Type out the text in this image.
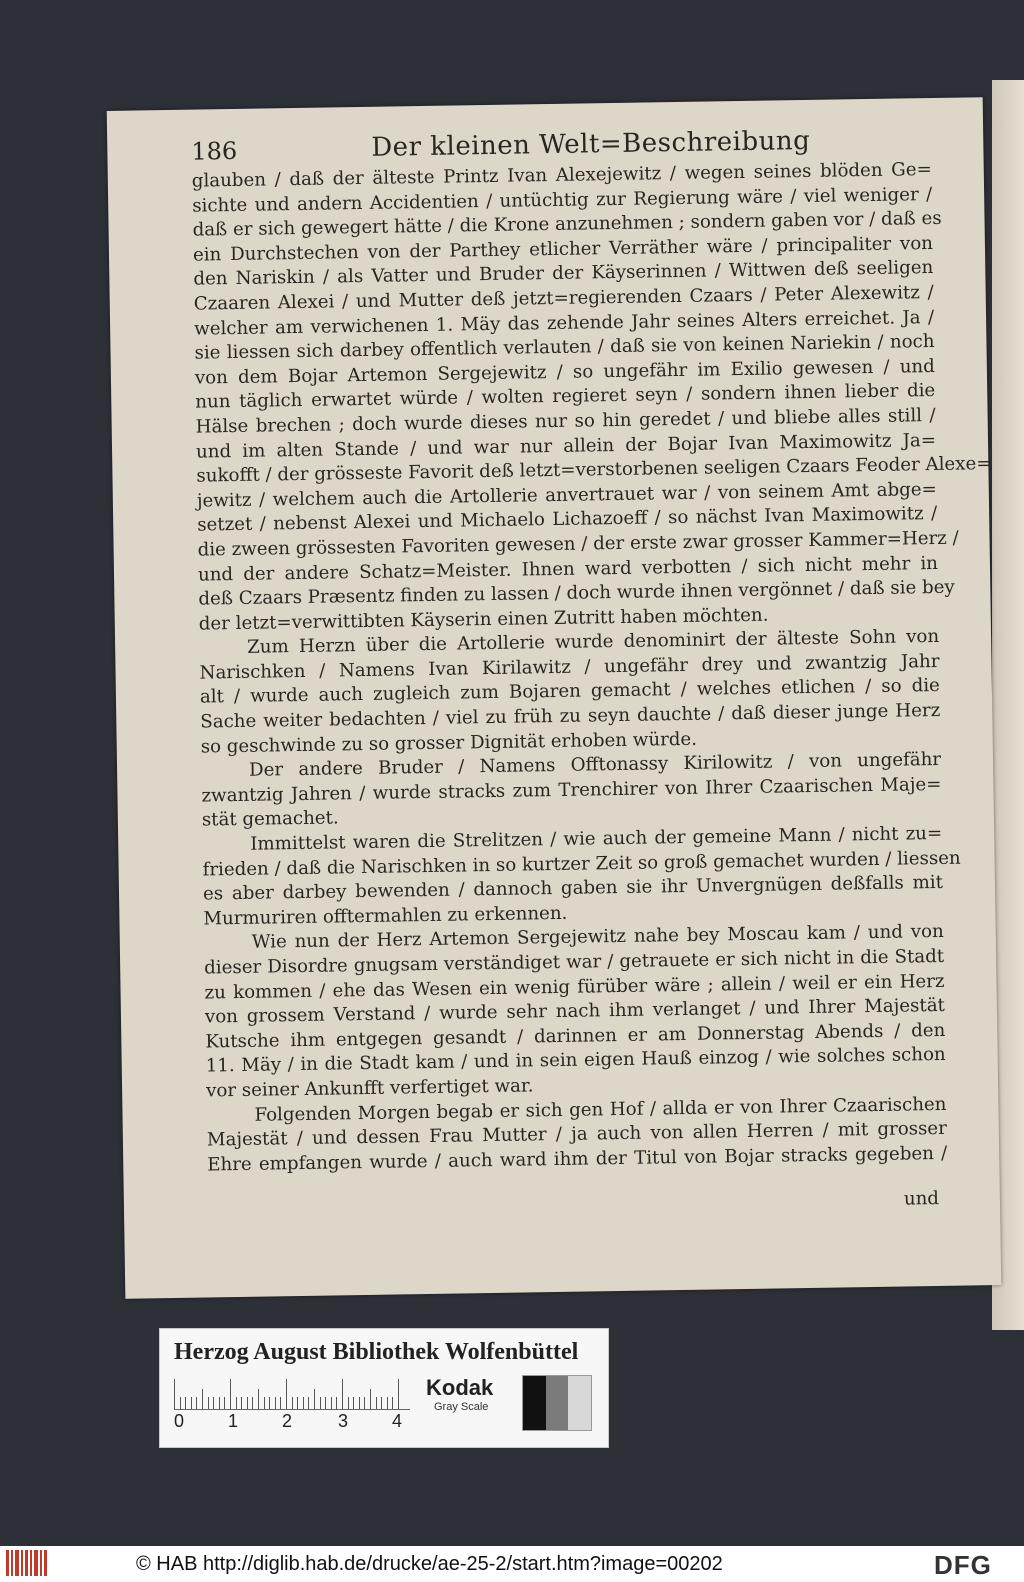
186	Der kleinen Welt=Beschreibung
glauben / daß der älteste Printz Ivan Alexejewitz / wegen seines blöden Ge=
sichte und andern Accidentien / untüchtig zur Regierung wäre / viel weniger /
daß er sich gewegert hätte / die Krone anzunehmen ; sondern gaben vor / daß es
ein Durchstechen von der Parthey etlicher Verräther wäre / principaliter von
den Nariskin / als Vatter und Bruder der Käyserinnen / Wittwen deß seeligen
Czaaren Alexei / und Mutter deß jetzt=regierenden Czaars / Peter Alexewitz /
welcher am verwichenen 1. Mäy das zehende Jahr seines Alters erreichet. Ja /
sie liessen sich darbey offentlich verlauten / daß sie von keinen Nariekin / noch
von dem Bojar Artemon Sergejewitz / so ungefähr im Exilio gewesen / und
nun täglich erwartet würde / wolten regieret seyn / sondern ihnen lieber die
Hälse brechen ; doch wurde dieses nur so hin geredet / und bliebe alles still /
und im alten Stande / und war nur allein der Bojar Ivan Maximowitz Ja=
sukofft / der grösseste Favorit deß letzt=verstorbenen seeligen Czaars Feoder Alexe=
jewitz / welchem auch die Artollerie anvertrauet war / von seinem Amt abge=
setzet / nebenst Alexei und Michaelo Lichazoeff / so nächst Ivan Maximowitz /
die zween grössesten Favoriten gewesen / der erste zwar grosser Kammer=Herz /
und der andere Schatz=Meister. Ihnen ward verbotten / sich nicht mehr in
deß Czaars Præsentz finden zu lassen / doch wurde ihnen vergönnet / daß sie bey
der letzt=verwittibten Käyserin einen Zutritt haben möchten.
Zum Herzn über die Artollerie wurde denominirt der älteste Sohn von
Narischken / Namens Ivan Kirilawitz / ungefähr drey und zwantzig Jahr
alt / wurde auch zugleich zum Bojaren gemacht / welches etlichen / so die
Sache weiter bedachten / viel zu früh zu seyn dauchte / daß dieser junge Herz
so geschwinde zu so grosser Dignität erhoben würde.
Der andere Bruder / Namens Offtonassy Kirilowitz / von ungefähr
zwantzig Jahren / wurde stracks zum Trenchirer von Ihrer Czaarischen Maje=
stät gemachet.
Immittelst waren die Strelitzen / wie auch der gemeine Mann / nicht zu=
frieden / daß die Narischken in so kurtzer Zeit so groß gemachet wurden / liessen
es aber darbey bewenden / dannoch gaben sie ihr Unvergnügen deßfalls mit
Murmuriren offtermahlen zu erkennen.
Wie nun der Herz Artemon Sergejewitz nahe bey Moscau kam / und von
dieser Disordre gnugsam verständiget war / getrauete er sich nicht in die Stadt
zu kommen / ehe das Wesen ein wenig fürüber wäre ; allein / weil er ein Herz
von grossem Verstand / wurde sehr nach ihm verlanget / und Ihrer Majestät
Kutsche ihm entgegen gesandt / darinnen er am Donnerstag Abends / den
11. Mäy / in die Stadt kam / und in sein eigen Hauß einzog / wie solches schon
vor seiner Ankunfft verfertiget war.
Folgenden Morgen begab er sich gen Hof / allda er von Ihrer Czaarischen
Majestät / und dessen Frau Mutter / ja auch von allen Herren / mit grosser
Ehre empfangen wurde / auch ward ihm der Titul von Bojar stracks gegeben /
und
Herzog August Bibliothek Wolfenbüttel
0 1 2	3 4
Kodak
Gray Scale
© HAB http://diglib.hab.de/drucke/ae-25-2/start.htm?image=00202	DFG
